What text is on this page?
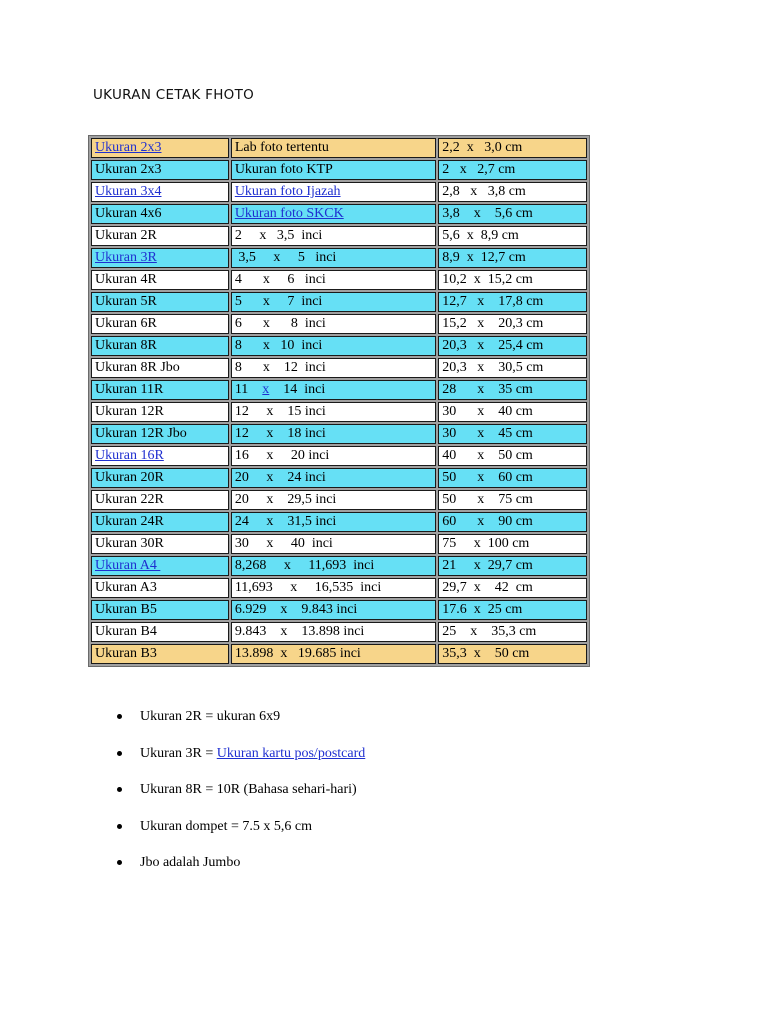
UKURAN CETAK FHOTO
Ukuran 2x3	Lab foto tertentu	2,2  x   3,0 cm
Ukuran 2x3	Ukuran foto KTP	2   x   2,7 cm
Ukuran 3x4	Ukuran foto Ijazah	2,8   x   3,8 cm
Ukuran 4x6	Ukuran foto SKCK	3,8    x    5,6 cm
Ukuran 2R	2     x   3,5  inci	5,6  x  8,9 cm
Ukuran 3R	3,5     x     5   inci	8,9  x  12,7 cm
Ukuran 4R	4      x     6   inci	10,2  x  15,2 cm
Ukuran 5R	5      x     7  inci	12,7   x    17,8 cm
Ukuran 6R	6      x      8  inci	15,2   x    20,3 cm
Ukuran 8R	8      x   10  inci	20,3   x    25,4 cm
Ukuran 8R Jbo	8      x    12  inci	20,3   x    30,5 cm
Ukuran 11R	11    x    14  inci	28      x    35 cm
Ukuran 12R	12     x    15 inci	30      x    40 cm
Ukuran 12R Jbo	12     x    18 inci	30      x    45 cm
Ukuran 16R	16     x     20 inci	40      x    50 cm
Ukuran 20R	20     x    24 inci	50      x    60 cm
Ukuran 22R	20     x    29,5 inci	50      x    75 cm
Ukuran 24R	24     x    31,5 inci	60      x    90 cm
Ukuran 30R	30     x     40  inci	75     x  100 cm
Ukuran A4	8,268     x     11,693  inci	21     x  29,7 cm
Ukuran A3	11,693     x     16,535  inci	29,7  x    42  cm
Ukuran B5	6.929    x    9.843 inci	17.6  x  25 cm
Ukuran B4	9.843    x    13.898 inci	25    x    35,3 cm
Ukuran B3	13.898  x   19.685 inci	35,3  x    50 cm
Ukuran 2R = ukuran 6x9
Ukuran 3R = Ukuran kartu pos/postcard
Ukuran 8R = 10R (Bahasa sehari-hari)
Ukuran dompet = 7.5 x 5,6 cm
Jbo adalah Jumbo
